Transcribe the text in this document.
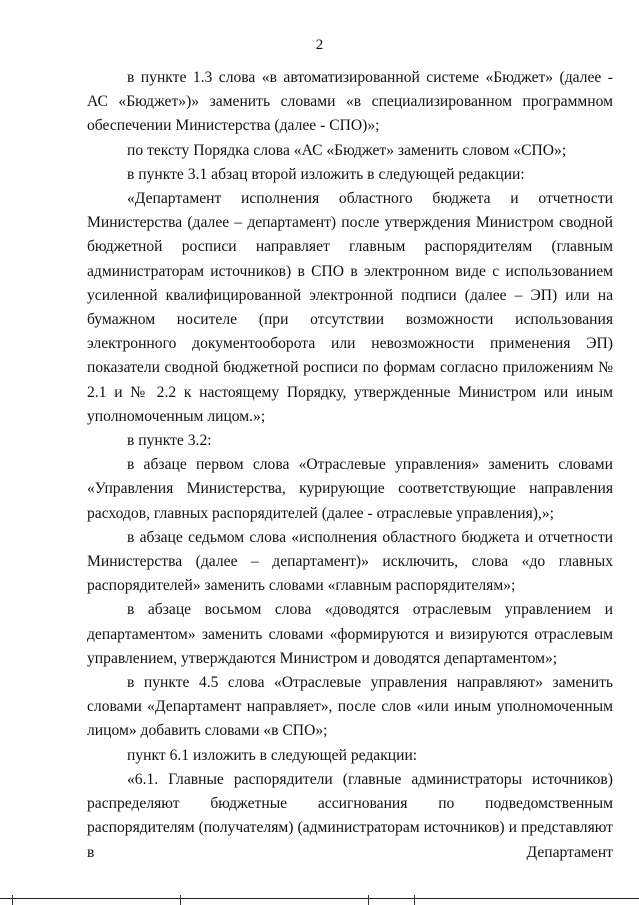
2

в пункте 1.3 слова «в автоматизированной системе «Бюджет» (далее - АС «Бюджет»)» заменить словами «в специализированном программном обеспечении Министерства (далее - СПО)»;

по тексту Порядка слова «АС «Бюджет» заменить словом «СПО»;

в пункте 3.1 абзац второй изложить в следующей редакции:

«Департамент исполнения областного бюджета и отчетности Министерства (далее – департамент) после утверждения Министром сводной бюджетной росписи направляет главным распорядителям (главным администраторам источников) в СПО в электронном виде с использованием усиленной квалифицированной электронной подписи (далее – ЭП) или на бумажном носителе (при отсутствии возможности использования электронного документооборота или невозможности применения ЭП) показатели сводной бюджетной росписи по формам согласно приложениям № 2.1 и № 2.2 к настоящему Порядку, утвержденные Министром или иным уполномоченным лицом.»;

в пункте 3.2:

в абзаце первом слова «Отраслевые управления» заменить словами «Управления Министерства, курирующие соответствующие направления расходов, главных распорядителей (далее - отраслевые управления),»;

в абзаце седьмом слова «исполнения областного бюджета и отчетности Министерства (далее – департамент)» исключить, слова «до главных распорядителей» заменить словами «главным распорядителям»;

в абзаце восьмом слова «доводятся отраслевым управлением и департаментом» заменить словами «формируются и визируются отраслевым управлением, утверждаются Министром и доводятся департаментом»;

в пункте 4.5 слова «Отраслевые управления направляют» заменить словами «Департамент направляет», после слов «или иным уполномоченным лицом» добавить словами «в СПО»;

пункт 6.1 изложить в следующей редакции:

«6.1. Главные распорядители (главные администраторы источников) распределяют бюджетные ассигнования по подведомственным распорядителям (получателям) (администраторам источников) и представляют в Департамент
